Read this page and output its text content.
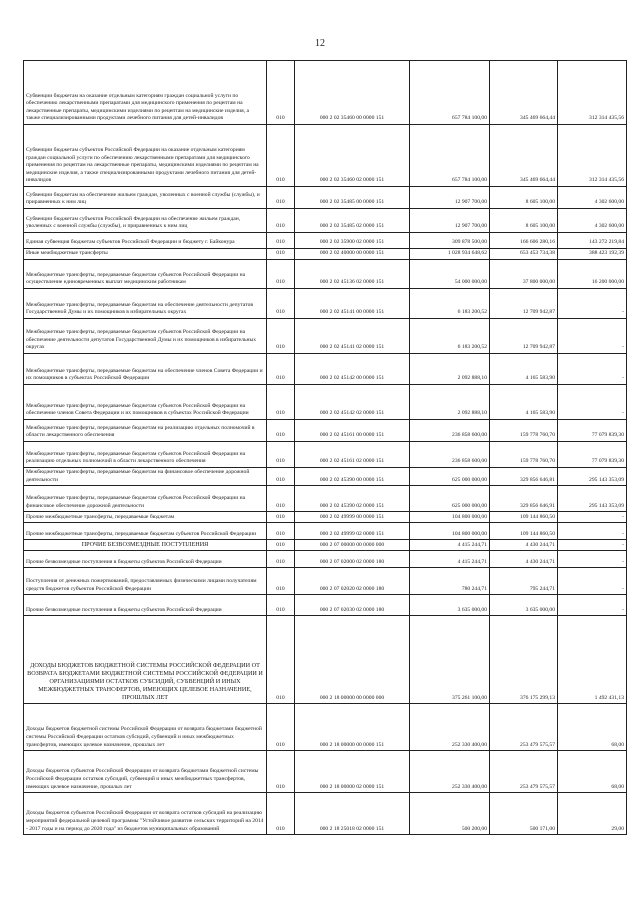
12
Субвенции бюджетам на оказание отдельным категориям граждан социальной услуги по обеспечению лекарственными препаратами для медицинского применения по рецептам на лекарственные препараты, медицинскими изделиями по рецептам на медицинские изделия, а также специализированными продуктами лечебного питания для детей-инвалидов	010	000 2 02 35460 00 0000 151	657 784 100,00	345 469 664,44	312 314 435,56
Субвенции бюджетам субъектов Российской Федерации на оказание отдельным категориям граждан социальной услуги по обеспечению лекарственными препаратами для медицинского применения по рецептам на лекарственные препараты, медицинскими изделиями по рецептам на медицинские изделия, а также специализированными продуктами лечебного питания для детей-инвалидов	010	000 2 02 35460 02 0000 151	657 784 100,00	345 469 664,44	312 314 435,56
Субвенции бюджетам на обеспечение жильем граждан, уволенных с военной службы (службы), и приравненных к ним лиц	010	000 2 02 35485 00 0000 151	12 907 700,00	8 605 100,00	4 302 600,00
Субвенции бюджетам субъектов Российской Федерации на обеспечение жильем граждан, уволенных с военной службы (службы), и приравненных к ним лиц	010	000 2 02 35485 02 0000 151	12 907 700,00	8 605 100,00	4 302 600,00
Единая субвенция бюджетам субъектов Российской Федерации и бюджету г. Байконура	010	000 2 02 35900 02 0000 151	309 878 500,00	166 606 280,16	143 272 219,84
Иные межбюджетные трансферты	010	000 2 02 40000 00 0000 151	1 028 934 648,62	653 453 734,38	388 423 192,39
Межбюджетные трансферты, передаваемые бюджетам субъектов Российской Федерации на осуществление единовременных выплат медицинским работникам	010	000 2 02 45136 02 0000 151	54 000 000,00	37 800 000,00	16 200 000,00
Межбюджетные трансферты, передаваемые бюджетам на обеспечение деятельности депутатов Государственной Думы и их помощников в избирательных округах	010	000 2 02 45141 00 0000 151	6 183 200,52	12 709 942,87	-
Межбюджетные трансферты, передаваемые бюджетам субъектов Российской Федерации на обеспечение деятельности депутатов Государственной Думы и их помощников в избирательных округах	010	000 2 02 45141 02 0000 151	6 183 200,52	12 709 942,87	-
Межбюджетные трансферты, передаваемые бюджетам на обеспечение членов Совета Федерации и их помощников в субъектах Российской Федерации	010	000 2 02 45142 00 0000 151	2 092 888,10	4 165 583,90	-
Межбюджетные трансферты, передаваемые бюджетам субъектов Российской Федерации на обеспечение членов Совета Федерации и их помощников в субъектах Российской Федерации	010	000 2 02 45142 02 0000 151	2 092 888,10	4 165 583,90	-
Межбюджетные трансферты, передаваемые бюджетам на реализацию отдельных полномочий в области лекарственного обеспечения	010	000 2 02 45161 00 0000 151	236 858 600,00	159 778 760,70	77 079 839,30
Межбюджетные трансферты, передаваемые бюджетам субъектов Российской Федерации на реализацию отдельных полномочий в области лекарственного обеспечения	010	000 2 02 45161 02 0000 151	236 858 600,00	159 778 760,70	77 079 839,30
Межбюджетные трансферты, передаваемые бюджетам на финансовое обеспечение дорожной деятельности	010	000 2 02 45390 00 0000 151	625 000 000,00	329 856 646,81	295 143 353,09
Межбюджетные трансферты, передаваемые бюджетам субъектов Российской Федерации на финансовое обеспечение дорожной деятельности	010	000 2 02 45390 02 0000 151	625 000 000,00	329 856 646,91	295 143 353,09
Прочие межбюджетные трансферты, передаваемые бюджетам	010	000 2 02 49999 00 0000 151	104 800 000,00	109 144 860,50	-
Прочие межбюджетные трансферты, передаваемые бюджетам субъектов Российской Федерации	010	000 2 02 49999 02 0000 151	104 800 000,00	109 144 860,50	-
ПРОЧИЕ БЕЗВОЗМЕЗДНЫЕ ПОСТУПЛЕНИЯ	010	000 2 07 00000 00 0000 000	4 415 244,71	4 430 244,71	-
Прочие безвозмездные поступления в бюджеты субъектов Российской Федерации	010	000 2 07 02000 02 0000 180	4 415 244,71	4 430 244,71	-
Поступления от денежных пожертвований, предоставляемых физическими лицами получателям средств бюджетов субъектов Российской Федерации	010	000 2 07 02020 02 0000 180	780 244,71	795 244,71	-
Прочие безвозмездные поступления в бюджеты субъектов Российской Федерации	010	000 2 07 02030 02 0000 180	3 635 000,00	3 635 000,00	-
ДОХОДЫ БЮДЖЕТОВ БЮДЖЕТНОЙ СИСТЕМЫ РОССИЙСКОЙ ФЕДЕРАЦИИ ОТ ВОЗВРАТА БЮДЖЕТАМИ БЮДЖЕТНОЙ СИСТЕМЫ РОССИЙСКОЙ ФЕДЕРАЦИИ И ОРГАНИЗАЦИЯМИ ОСТАТКОВ СУБСИДИЙ, СУБВЕНЦИЙ И ИНЫХ МЕЖБЮДЖЕТНЫХ ТРАНСФЕРТОВ, ИМЕЮЩИХ ЦЕЛЕВОЕ НАЗНАЧЕНИЕ, ПРОШЛЫХ ЛЕТ	010	000 2 18 00000 00 0000 000	375 261 100,00	376 175 299,13	1 492 431,13
Доходы бюджетов бюджетной системы Российской Федерации от возврата бюджетами бюджетной системы Российской Федерации остатков субсидий, субвенций и иных межбюджетных трансфертов, имеющих целевое назначение, прошлых лет	010	000 2 18 00000 00 0000 151	252 330 400,00	253 479 575,57	68,00
Доходы бюджетов субъектов Российской Федерации от возврата бюджетами бюджетной системы Российской Федерации остатков субсидий, субвенций и иных межбюджетных трансфертов, имеющих целевое назначение, прошлых лет	010	000 2 18 00000 02 0000 151	252 330 400,00	253 479 575,57	68,00
Доходы бюджетов субъектов Российской Федерации от возврата остатков субсидий на реализацию мероприятий федеральной целевой программы "Устойчивое развитие сельских территорий на 2014 - 2017 годы и на период до 2020 года" из бюджетов муниципальных образований	010	000 2 18 25018 02 0000 151	500 200,00	500 171,00	29,00
